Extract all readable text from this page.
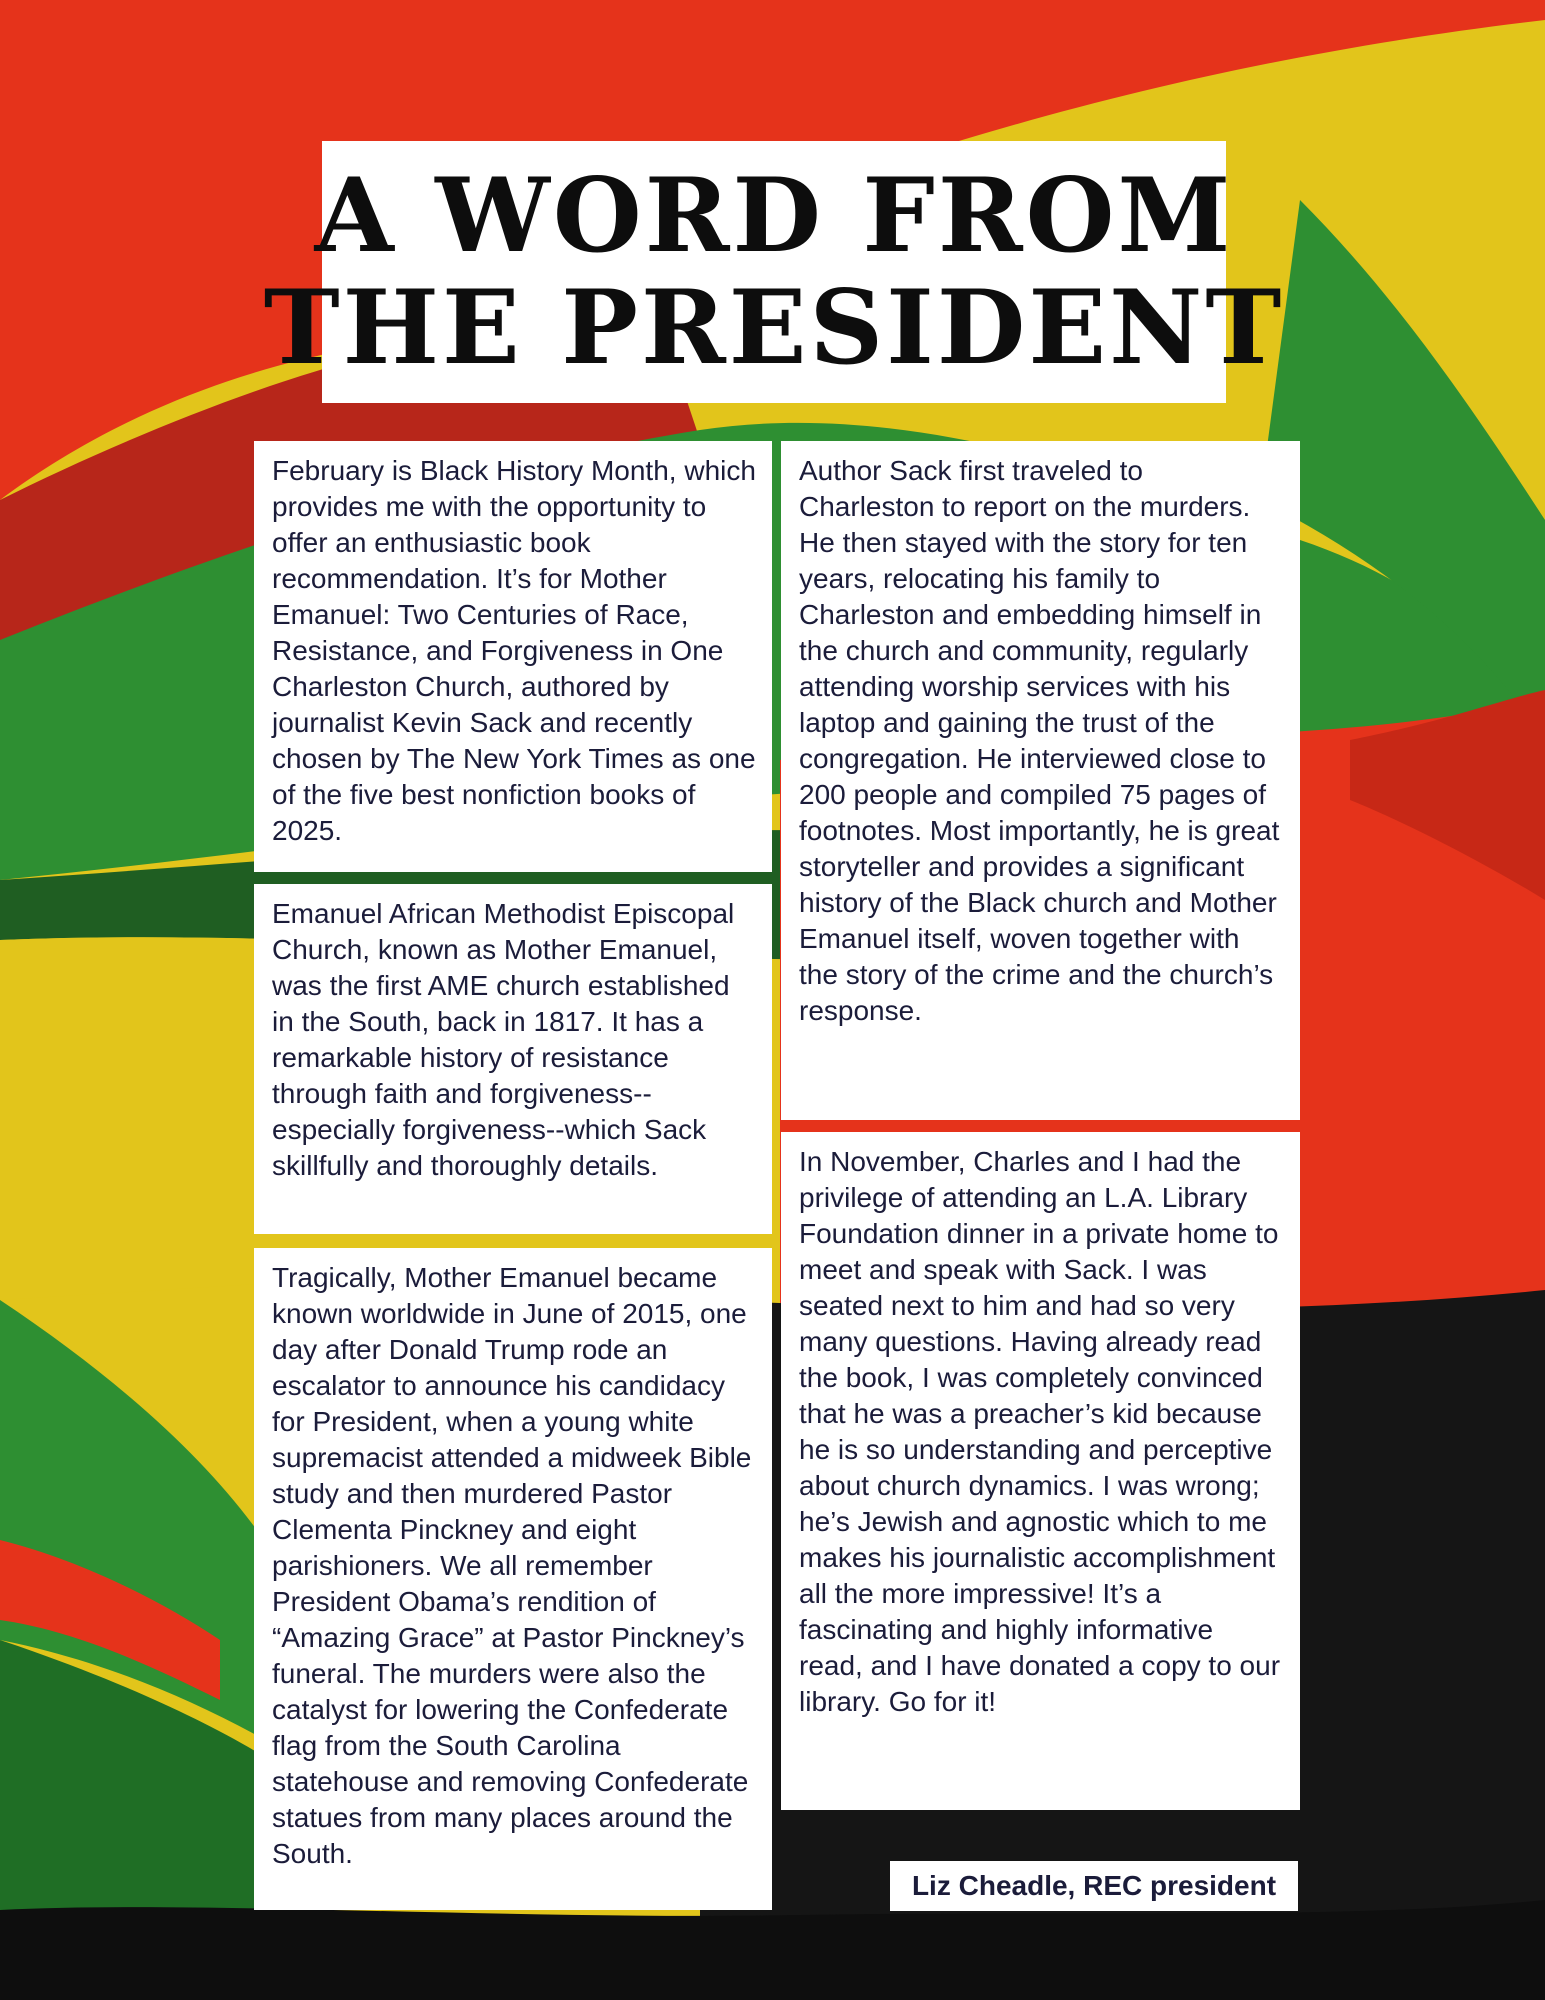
A WORD FROM
THE PRESIDENT

February is Black History Month, which provides me with the opportunity to offer an enthusiastic book recommendation. It’s for Mother Emanuel: Two Centuries of Race, Resistance, and Forgiveness in One Charleston Church, authored by journalist Kevin Sack and recently chosen by The New York Times as one of the five best nonfiction books of 2025.

Emanuel African Methodist Episcopal Church, known as Mother Emanuel, was the first AME church established in the South, back in 1817. It has a remarkable history of resistance through faith and forgiveness--especially forgiveness--which Sack skillfully and thoroughly details.

Tragically, Mother Emanuel became known worldwide in June of 2015, one day after Donald Trump rode an escalator to announce his candidacy for President, when a young white supremacist attended a midweek Bible study and then murdered Pastor Clementa Pinckney and eight parishioners. We all remember President Obama’s rendition of “Amazing Grace” at Pastor Pinckney’s funeral. The murders were also the catalyst for lowering the Confederate flag from the South Carolina statehouse and removing Confederate statues from many places around the South.

Author Sack first traveled to Charleston to report on the murders. He then stayed with the story for ten years, relocating his family to Charleston and embedding himself in the church and community, regularly attending worship services with his laptop and gaining the trust of the congregation. He interviewed close to 200 people and compiled 75 pages of footnotes. Most importantly, he is great storyteller and provides a significant history of the Black church and Mother Emanuel itself, woven together with the story of the crime and the church’s response.

In November, Charles and I had the privilege of attending an L.A. Library Foundation dinner in a private home to meet and speak with Sack. I was seated next to him and had so very many questions. Having already read the book, I was completely convinced that he was a preacher’s kid because he is so understanding and perceptive about church dynamics. I was wrong; he’s Jewish and agnostic which to me makes his journalistic accomplishment all the more impressive! It’s a fascinating and highly informative read, and I have donated a copy to our library. Go for it!

Liz Cheadle, REC president
